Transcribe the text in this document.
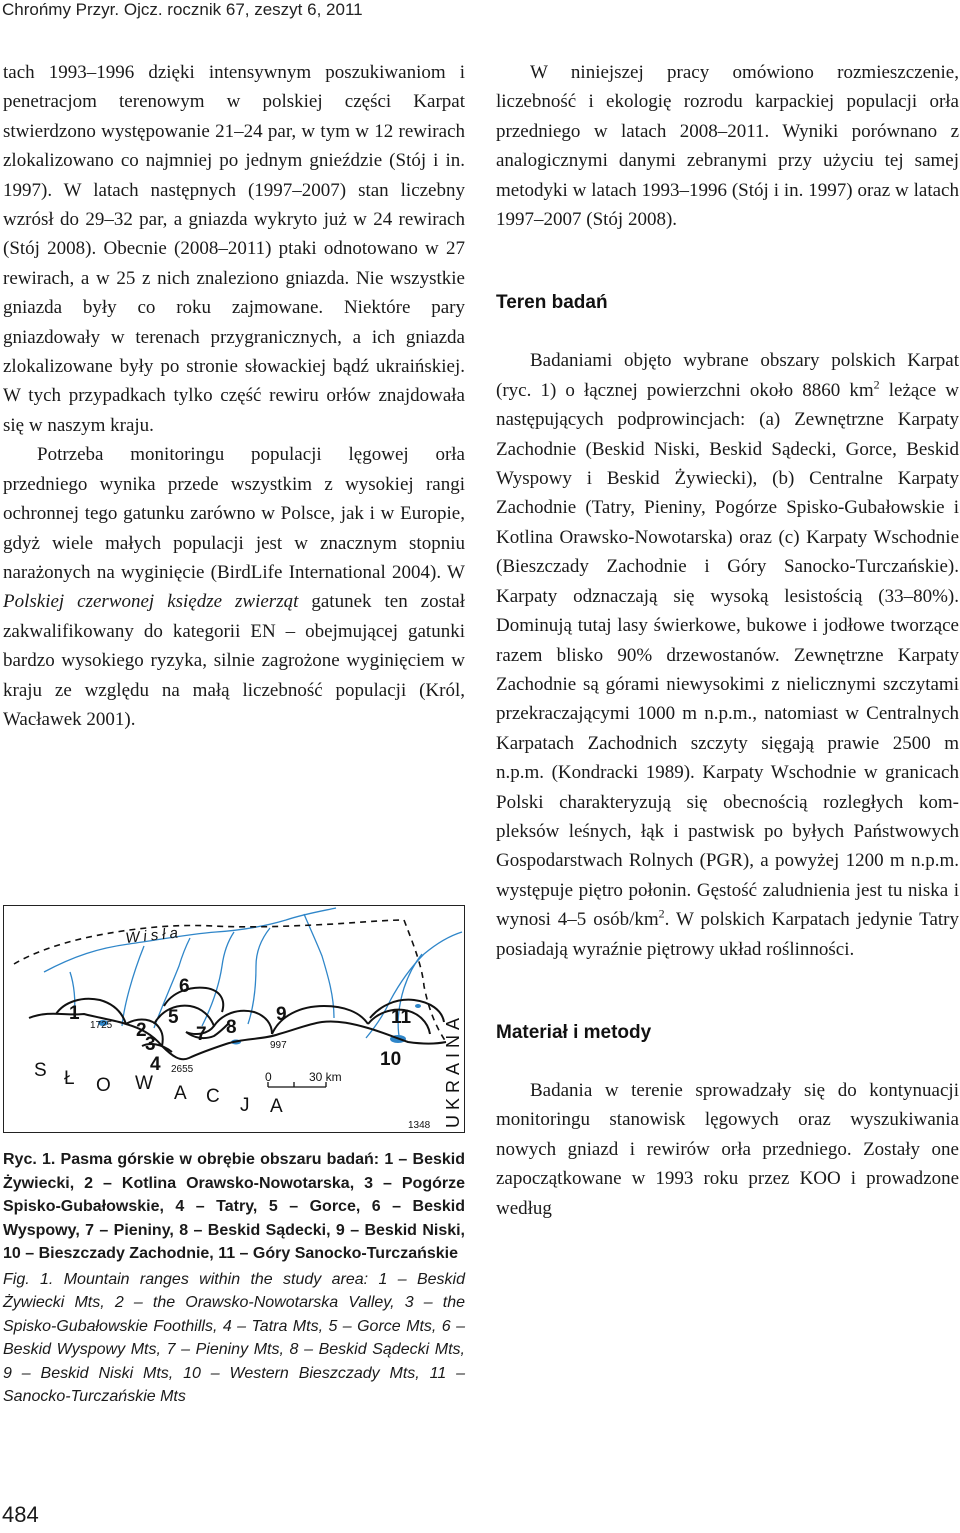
Chrońmy Przyr. Ojcz. rocznik 67, zeszyt 6, 2011

tach 1993–1996 dzięki intensywnym poszukiwaniom i penetracjom terenowym w polskiej części Karpat stwierdzono występowanie 21–24 par, w tym w 12 rewirach zlokalizowano co najmniej po jednym gnieździe (Stój i in. 1997). W latach następnych (1997–2007) stan liczebny wzrósł do 29–32 par, a gniazda wykryto już w 24 rewirach (Stój 2008). Obecnie (2008–2011) ptaki odnotowano w 27 rewirach, a w 25 z nich znaleziono gniazda. Nie wszystkie gniazda były co roku zajmowane. Niektóre pary gniazdowały w terenach przygranicznych, a ich gniazda zlokalizowane były po stronie słowackiej bądź ukraińskiej. W tych przypadkach tylko część rewiru orłów znajdowała się w naszym kraju.

Potrzeba monitoringu populacji lęgowej orła przedniego wynika przede wszystkim z wysokiej rangi ochronnej tego gatunku zarówno w Polsce, jak i w Europie, gdyż wiele małych populacji jest w znacznym stopniu narażonych na wyginięcie (BirdLife International 2004). W Polskiej czerwonej księdze zwierząt gatunek ten został zakwalifikowany do kategorii EN – obejmującej gatunki bardzo wysokiego ryzyka, silnie zagrożone wyginięciem w kraju ze względu na małą liczebność populacji (Król, Wacławek 2001).

Wisła
1
2
3
4
5
6
7 8
9
10
11
1725
2655
997
1348
S Ł O W A C J A	UKRAINA
0	30 km

Ryc. 1. Pasma górskie w obrębie obszaru badań: 1 – Beskid Żywiecki, 2 – Kotlina Orawsko-Nowotarska, 3 – Pogórze Spisko-Gubałowskie, 4 – Tatry, 5 – Gorce, 6 – Beskid Wyspowy, 7 – Pieniny, 8 – Beskid Sądecki, 9 – Beskid Niski, 10 – Bieszczady Zachodnie, 11 – Góry Sanocko-Turczańskie

Fig. 1. Mountain ranges within the study area: 1 – Beskid Żywiecki Mts, 2 – the Orawsko-Nowotarska Valley, 3 – the Spisko-Gubałowskie Foothills, 4 – Tatra Mts, 5 – Gorce Mts, 6 – Beskid Wyspowy Mts, 7 – Pieniny Mts, 8 – Beskid Sądecki Mts, 9 – Beskid Niski Mts, 10 – Western Bieszczady Mts, 11 – Sanocko-Turczańskie Mts

W niniejszej pracy omówiono rozmieszczenie, liczebność i ekologię rozrodu karpackiej populacji orła przedniego w latach 2008–2011. Wyniki porównano z analogicznymi danymi zebranymi przy użyciu tej samej metodyki w latach 1993–1996 (Stój i in. 1997) oraz w latach 1997–2007 (Stój 2008).

Teren badań

Badaniami objęto wybrane obszary polskich Karpat (ryc. 1) o łącznej powierzchni około 8860 $km^2$ leżące w następujących podprowincjach: (a) Zewnętrzne Karpaty Zachodnie (Beskid Niski, Beskid Sądecki, Gorce, Beskid Wyspowy i Beskid Żywiecki), (b) Centralne Karpaty Zachodnie (Tatry, Pieniny, Pogórze Spisko-Gubałowskie i Kotlina Orawsko-Nowotarska) oraz (c) Karpaty Wschodnie (Bieszczady Zachodnie i Góry Sanocko-Turczańskie). Karpaty odznaczają się wysoką lesistością (33–80%). Dominują tutaj lasy świerkowe, bukowe i jodłowe tworzące razem blisko 90% drzewostanów. Zewnętrzne Karpaty Zachodnie są górami niewysokimi z nielicznymi szczytami przekraczającymi 1000 m n.p.m., natomiast w Centralnych Karpatach Zachodnich szczyty sięgają prawie 2500 m n.p.m. (Kondracki 1989). Karpaty Wschodnie w granicach Polski charakteryzują się obecnością rozległych kompleksów leśnych, łąk i pastwisk po byłych Państwowych Gospodarstwach Rolnych (PGR), a powyżej 1200 m n.p.m. występuje piętro połonin. Gęstość zaludnienia jest tu niska i wynosi 4–5 osób/$km^2$. W polskich Karpatach jedynie Tatry posiadają wyraźnie piętrowy układ roślinności.

Materiał i metody

Badania w terenie sprowadzały się do kontynuacji monitoringu stanowisk lęgowych oraz wyszukiwania nowych gniazd i rewirów orła przedniego. Zostały one zapoczątkowane w 1993 roku przez KOO i prowadzone według

484
